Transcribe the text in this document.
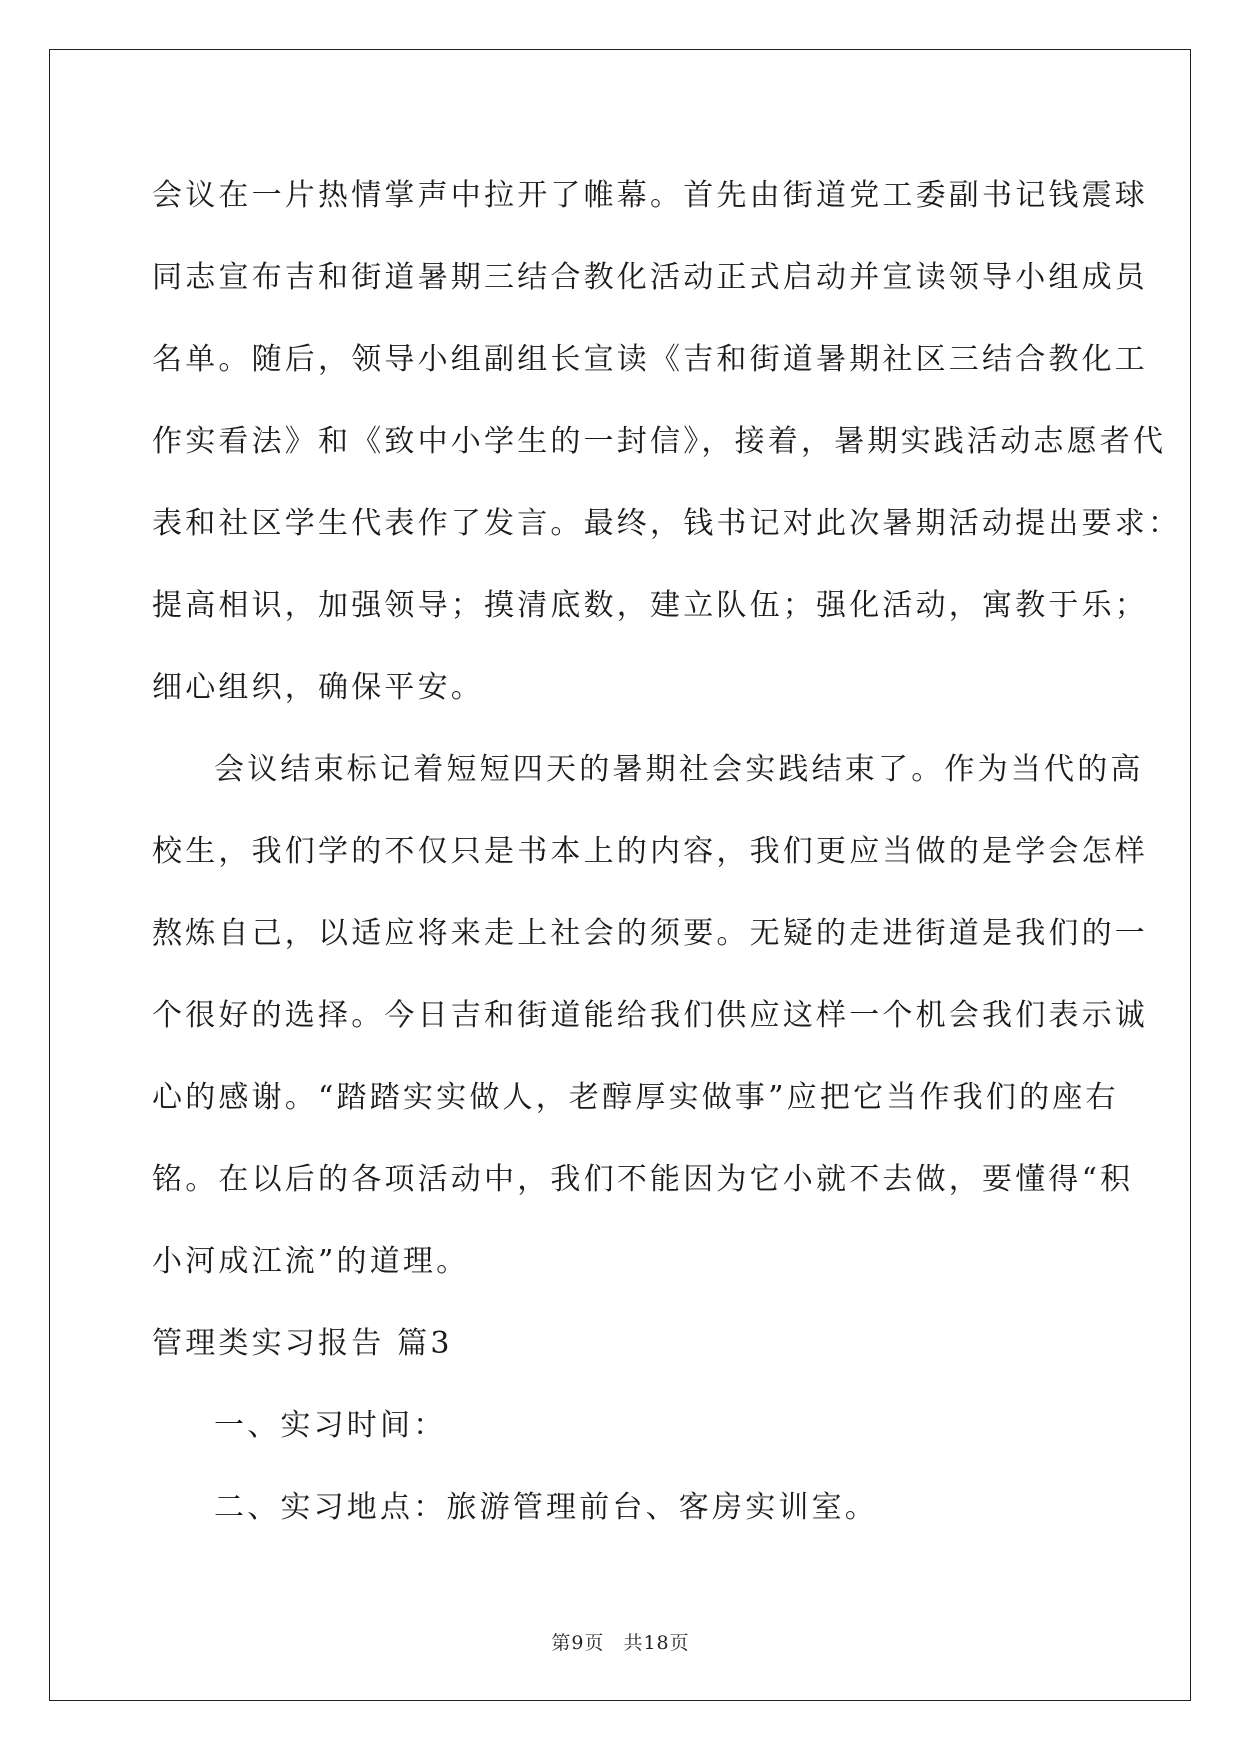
会议在一片热情掌声中拉开了帷幕。首先由街道党工委副书记钱震球
同志宣布吉和街道暑期三结合教化活动正式启动并宣读领导小组成员
名单。随后，领导小组副组长宣读《吉和街道暑期社区三结合教化工
作实看法》和《致中小学生的一封信》，接着，暑期实践活动志愿者代
表和社区学生代表作了发言。最终，钱书记对此次暑期活动提出要求：
提高相识，加强领导；摸清底数，建立队伍；强化活动，寓教于乐；
细心组织，确保平安。
会议结束标记着短短四天的暑期社会实践结束了。作为当代的高
校生，我们学的不仅只是书本上的内容，我们更应当做的是学会怎样
熬炼自己，以适应将来走上社会的须要。无疑的走进街道是我们的一
个很好的选择。今日吉和街道能给我们供应这样一个机会我们表示诚
心的感谢。“踏踏实实做人，老醇厚实做事”应把它当作我们的座右
铭。在以后的各项活动中，我们不能因为它小就不去做，要懂得“积
小河成江流”的道理。
管理类实习报告 篇3
一、实习时间：
二、实习地点：旅游管理前台、客房实训室。
第9页 共18页
